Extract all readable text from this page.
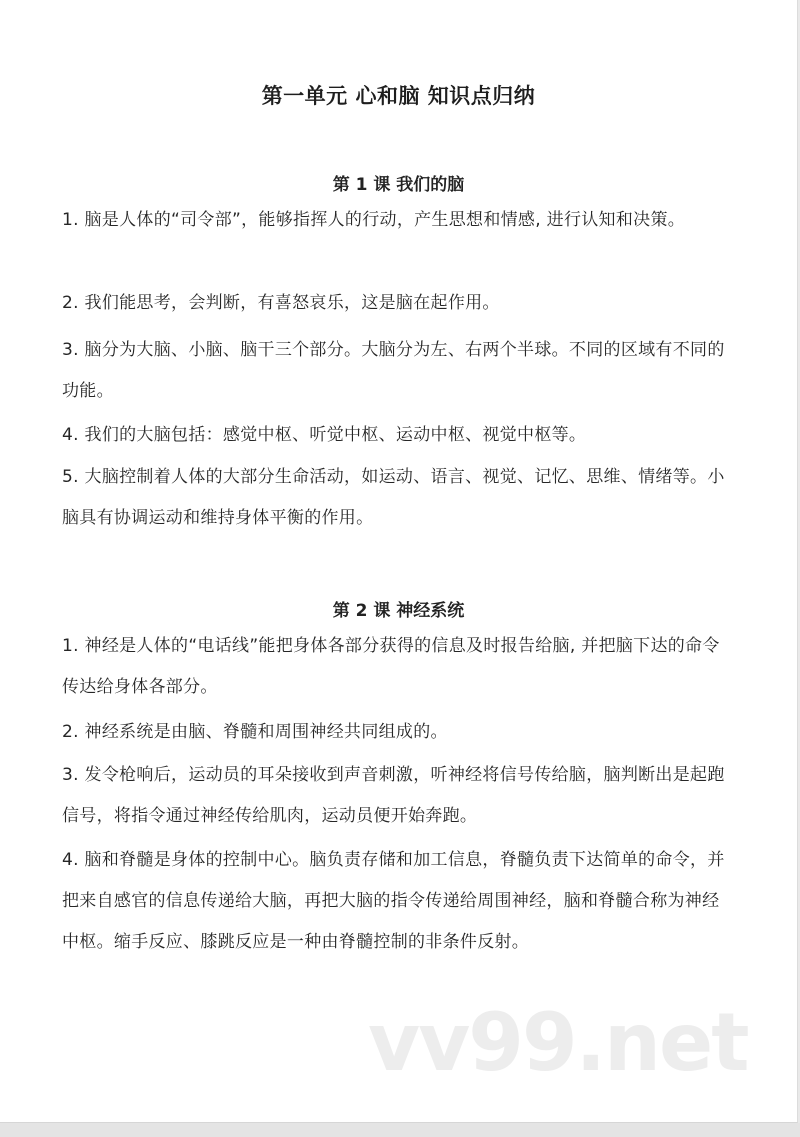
第一单元 心和脑 知识点归纳
第 1 课 我们的脑

1. 脑是人体的“司令部”，能够指挥人的行动，产生思想和情感, 进行认知和决策。

2. 我们能思考，会判断，有喜怒哀乐，这是脑在起作用。

3. 脑分为大脑、小脑、脑干三个部分。大脑分为左、右两个半球。不同的区域有不同的功能。

4. 我们的大脑包括：感觉中枢、听觉中枢、运动中枢、视觉中枢等。

5. 大脑控制着人体的大部分生命活动，如运动、语言、视觉、记忆、思维、情绪等。小脑具有协调运动和维持身体平衡的作用。

第 2 课 神经系统

1. 神经是人体的“电话线”能把身体各部分获得的信息及时报告给脑, 并把脑下达的命令传达给身体各部分。

2. 神经系统是由脑、脊髓和周围神经共同组成的。

3. 发令枪响后，运动员的耳朵接收到声音刺激，听神经将信号传给脑，脑判断出是起跑信号，将指令通过神经传给肌肉，运动员便开始奔跑。

4. 脑和脊髓是身体的控制中心。脑负责存储和加工信息，脊髓负责下达简单的命令，并把来自感官的信息传递给大脑，再把大脑的指令传递给周围神经，脑和脊髓合称为神经中枢。缩手反应、膝跳反应是一种由脊髓控制的非条件反射。

vv99.net
